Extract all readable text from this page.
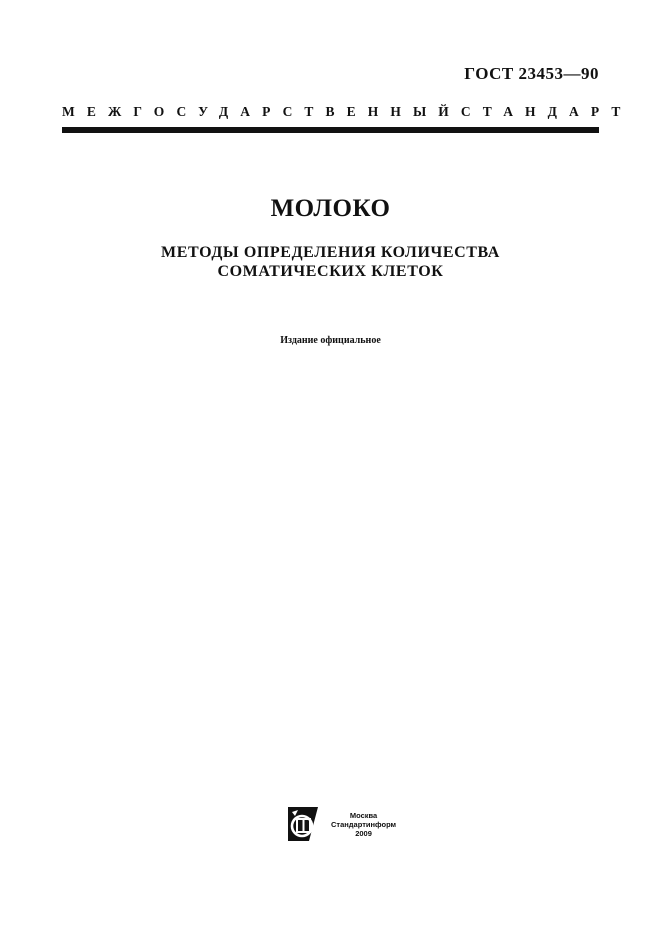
ГОСТ 23453—90
МЕЖГОСУДАРСТВЕННЫЙ СТАНДАРТ
МОЛОКО
МЕТОДЫ ОПРЕДЕЛЕНИЯ КОЛИЧЕСТВА
СОМАТИЧЕСКИХ КЛЕТОК
Издание официальное
Москва
Стандартинформ
2009
